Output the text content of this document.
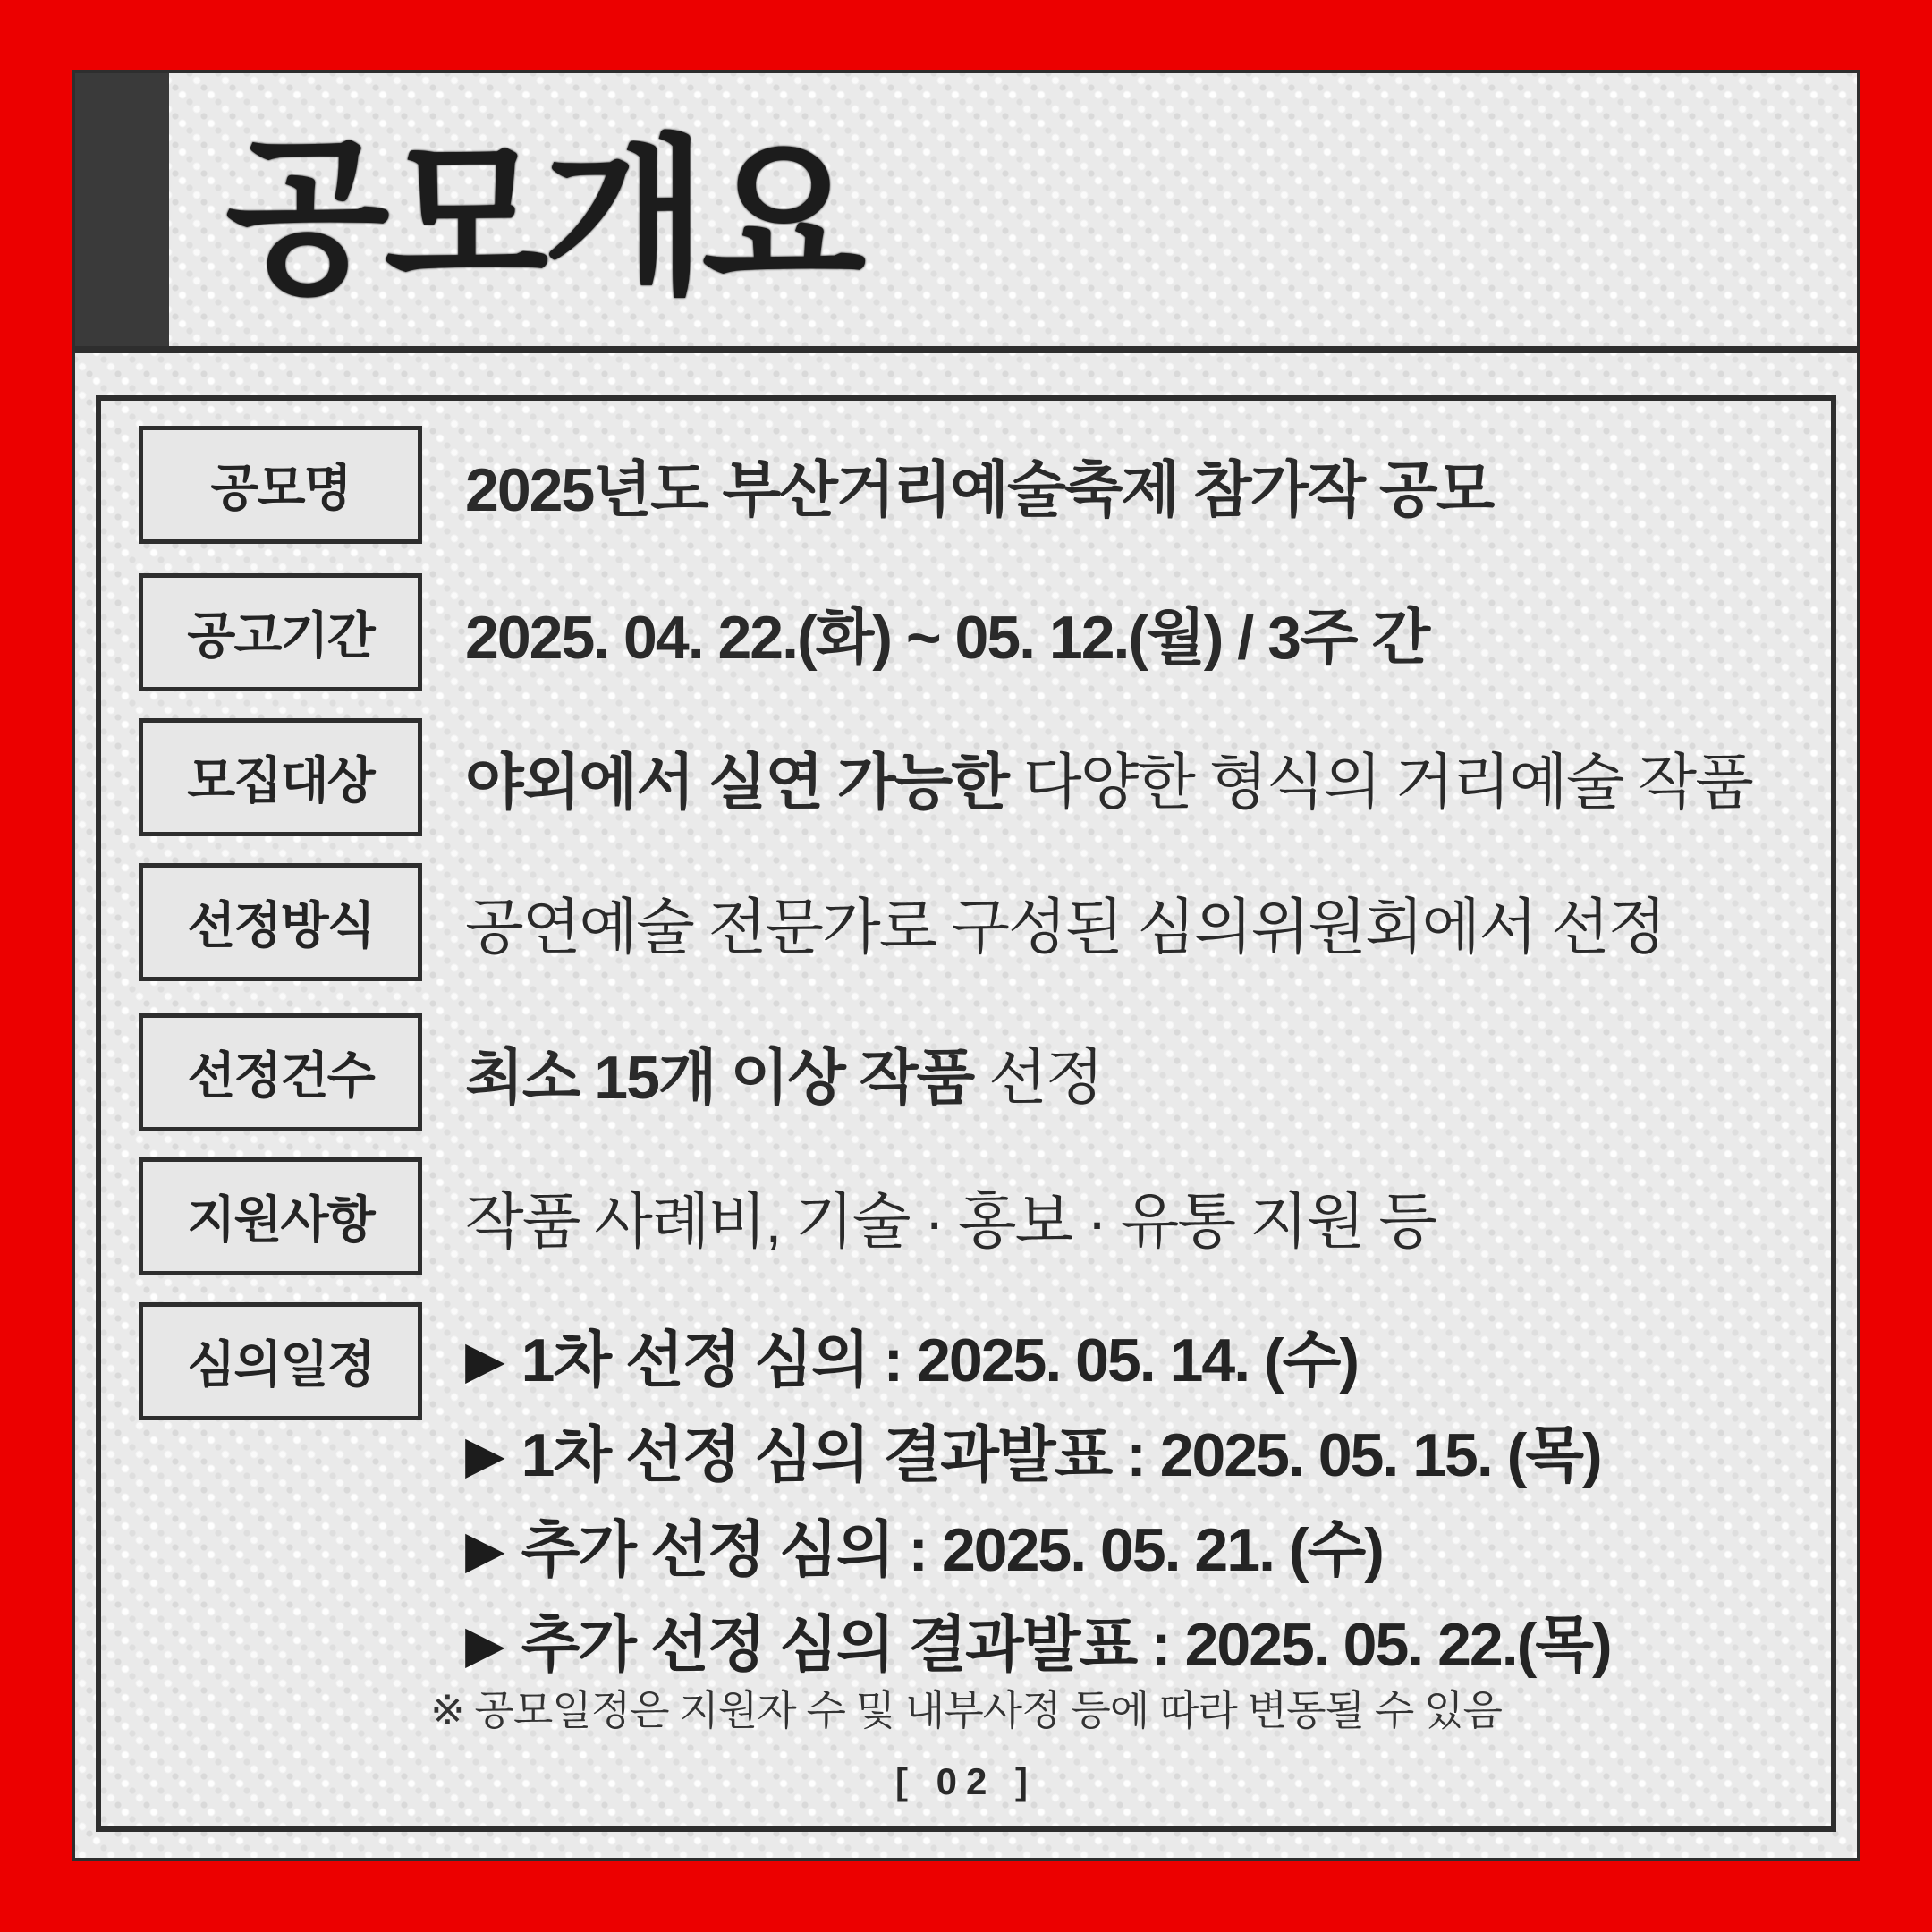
공모개요
공모명	2025년도 부산거리예술축제 참가작 공모
공고기간	2025. 04. 22.(화) ~ 05. 12.(월) / 3주 간
모집대상	야외에서 실연 가능한 다양한 형식의 거리예술 작품
선정방식	공연예술 전문가로 구성된 심의위원회에서 선정
선정건수	최소 15개 이상 작품 선정
지원사항	작품 사례비, 기술 · 홍보 · 유통 지원 등
심의일정	▶ 1차 선정 심의 : 2025. 05. 14. (수)
▶ 1차 선정 심의 결과발표 : 2025. 05. 15. (목)
▶ 추가 선정 심의 : 2025. 05. 21. (수)
▶ 추가 선정 심의 결과발표 : 2025. 05. 22.(목)
※ 공모일정은 지원자 수 및 내부사정 등에 따라 변동될 수 있음
[ 02 ]
